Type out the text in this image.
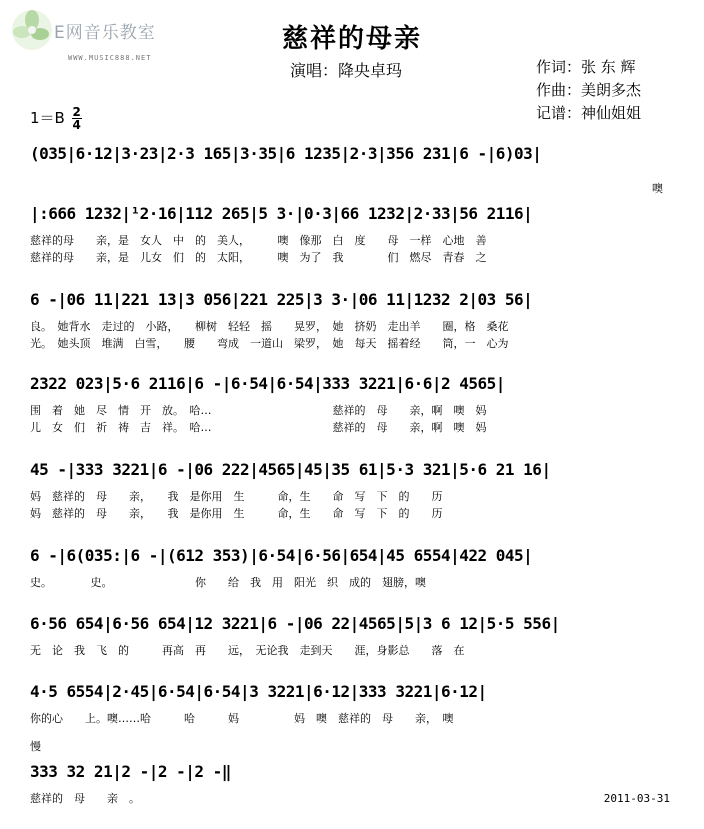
E网音乐教室
WWW.MUSIC888.NET
慈祥的母亲
演唱：降央卓玛	作词：张 东 辉
作曲：美朗多杰
记谱：神仙姐姐
$1=B \frac{2}{4}$
(035|6·12|3·23|2·3 165|3·35|6 1235|2·3|356 231|6 -|6)03|
噢
|:666 1232|¹2·16|112 265|5 3·|0·3|66 1232|2·33|56 2116|
慈祥的母　　亲，是　女人　中　的　美人，　　　噢　像那　白　度　　母　一样　心地　善
慈祥的母　　亲，是　儿女　们　的　太阳，　　　噢　为了　我　　　　们　燃尽　青春　之
6 -|06 11|221 13|3 056|221 225|3 3·|06 11|1232 2|03 56|
良。　她背水　走过的　小路，　　柳树　轻轻　摇　　晃罗，　她　挤奶　走出羊　　圈，格　桑花
光。　她头顶　堆满　白雪，　　腰　　弯成　一道山　梁罗，　她　每天　摇着经　　筒，一　心为
2322 023|5·6 2116|6 -|6·54|6·54|333 3221|6·6|2 4565|
围　着　她　尽　情　开　放。　哈…　　　　　　　　　　　慈祥的　母　　亲，啊　噢　妈
儿　女　们　祈　祷　吉　祥。　哈…　　　　　　　　　　　慈祥的　母　　亲，啊　噢　妈
45 -|333 3221|6 -|06 222|4565|45|35 61|5·3 321|5·6 21 16|
妈　慈祥的　母　　亲，　　我　是你用　生　　　命，生　　命　写　下　的　　历
妈　慈祥的　母　　亲，　　我　是你用　生　　　命，生　　命　写　下　的　　历
6 -|6(035:|6 -|(612 353)|6·54|6·56|654|45 6554|422 045|
史。　　　　史。　　　　　　　　你　　给　我　用　阳光　织　成的　翅膀，噢
6·56 654|6·56 654|12 3221|6 -|06 22|4565|5|3 6 12|5·5 556|
无　论　我　飞　的　　　再高　再　　远，　无论我　走到天　　涯，身影总　　落　在
4·5 6554|2·45|6·54|6·54|3 3221|6·12|333 3221|6·12|
你的心　　上。噢……哈　　　哈　　　妈　　　　　妈　噢　慈祥的　母　　亲，　噢
慢
333 32 21|2 -|2 -|2 -‖
慈祥的　母　　亲　。	2011-03-31
